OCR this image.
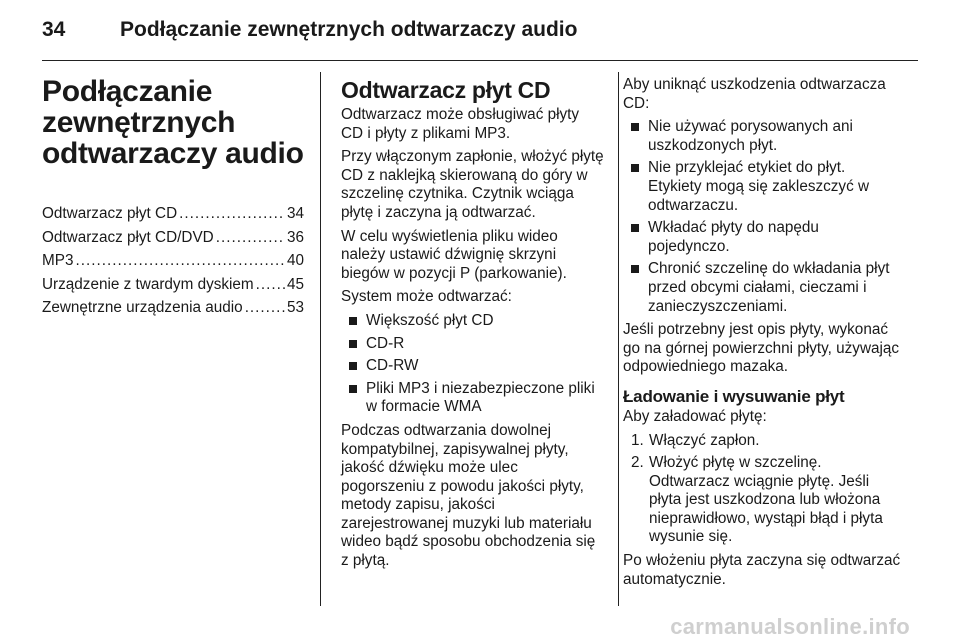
34	Podłączanie zewnętrznych odtwarzaczy audio
Podłączanie
zewnętrznych
odtwarzaczy audio
Odtwarzacz płyt CD .....	34
Odtwarzacz płyt CD/DVD .....	36
MP3 .....	40
Urządzenie z twardym dyskiem ..... 45
Zewnętrzne urządzenia audio .....	53
Odtwarzacz płyt CD

Odtwarzacz może obsługiwać płyty CD i płyty z plikami MP3.

Przy włączonym zapłonie, włożyć płytę CD z naklejką skierowaną do góry w szczelinę czytnika. Czytnik wciąga płytę i zaczyna ją odtwarzać.

W celu wyświetlenia pliku wideo należy ustawić dźwignię skrzyni biegów w pozycji P (parkowanie).

System może odtwarzać:

Większość płyt CD
CD-R
CD-RW
Pliki MP3 i niezabezpieczone pliki w formacie WMA

Podczas odtwarzania dowolnej kompatybilnej, zapisywalnej płyty, jakość dźwięku może ulec pogorszeniu z powodu jakości płyty, metody zapisu, jakości zarejestrowanej muzyki lub materiału wideo bądź sposobu obchodzenia się z płytą.

Aby uniknąć uszkodzenia odtwarzacza CD:

Nie używać porysowanych ani uszkodzonych płyt.
Nie przyklejać etykiet do płyt. Etykiety mogą się zakleszczyć w odtwarzaczu.
Wkładać płyty do napędu pojedynczo.
Chronić szczelinę do wkładania płyt przed obcymi ciałami, cieczami i zanieczyszczeniami.

Jeśli potrzebny jest opis płyty, wykonać go na górnej powierzchni płyty, używając odpowiedniego mazaka.

Ładowanie i wysuwanie płyt

Aby załadować płytę:

1. Włączyć zapłon.
2. Włożyć płytę w szczelinę. Odtwarzacz wciągnie płytę. Jeśli płyta jest uszkodzona lub włożona nieprawidłowo, wystąpi błąd i płyta wysunie się.

Po włożeniu płyta zaczyna się odtwarzać automatycznie.

carmanualsonline.info
